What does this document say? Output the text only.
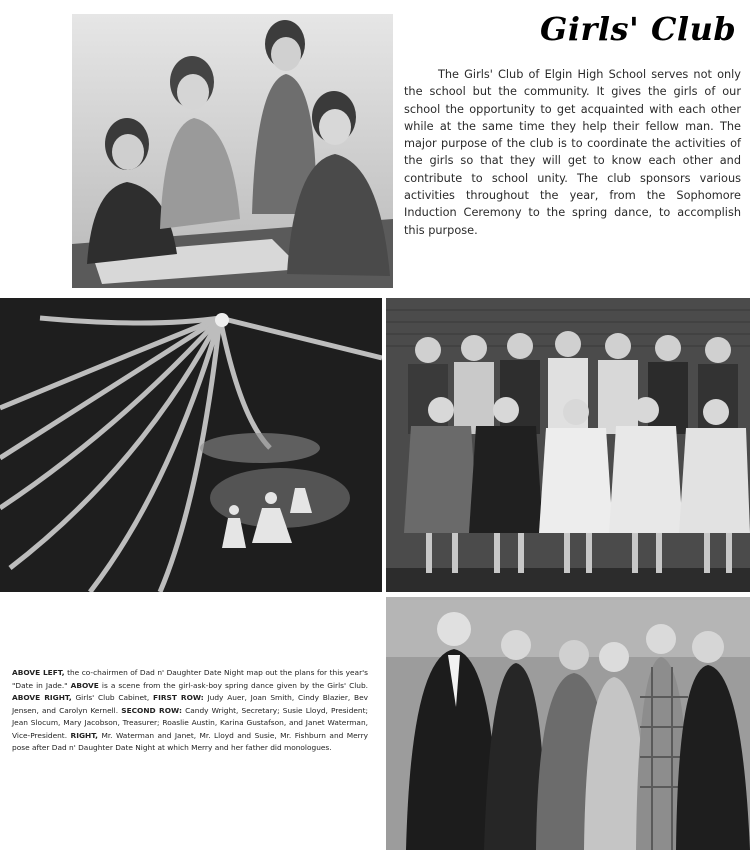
Girls' Club
The Girls' Club of Elgin High School serves not only the school but the community. It gives the girls of our school the opportunity to get acquainted with each other while at the same time they help their fellow man. The major purpose of the club is to coordinate the activities of the girls so that they will get to know each other and contribute to school unity. The club sponsors various activities throughout the year, from the Sophomore Induction Ceremony to the spring dance, to accomplish this purpose.
ABOVE LEFT, the co-chairmen of Dad n' Daughter Date Night map out the plans for this year's "Date in Jade." ABOVE is a scene from the girl-ask-boy spring dance given by the Girls' Club. ABOVE RIGHT, Girls' Club Cabinet, FIRST ROW: Judy Auer, Joan Smith, Cindy Blazier, Bev Jensen, and Carolyn Kernell. SECOND ROW: Candy Wright, Secretary; Susie Lloyd, President; Jean Slocum, Mary Jacobson, Treasurer; Roaslie Austin, Karina Gustafson, and Janet Waterman, Vice-President. RIGHT, Mr. Waterman and Janet, Mr. Lloyd and Susie, Mr. Fishburn and Merry pose after Dad n' Daughter Date Night at which Merry and her father did monologues.
